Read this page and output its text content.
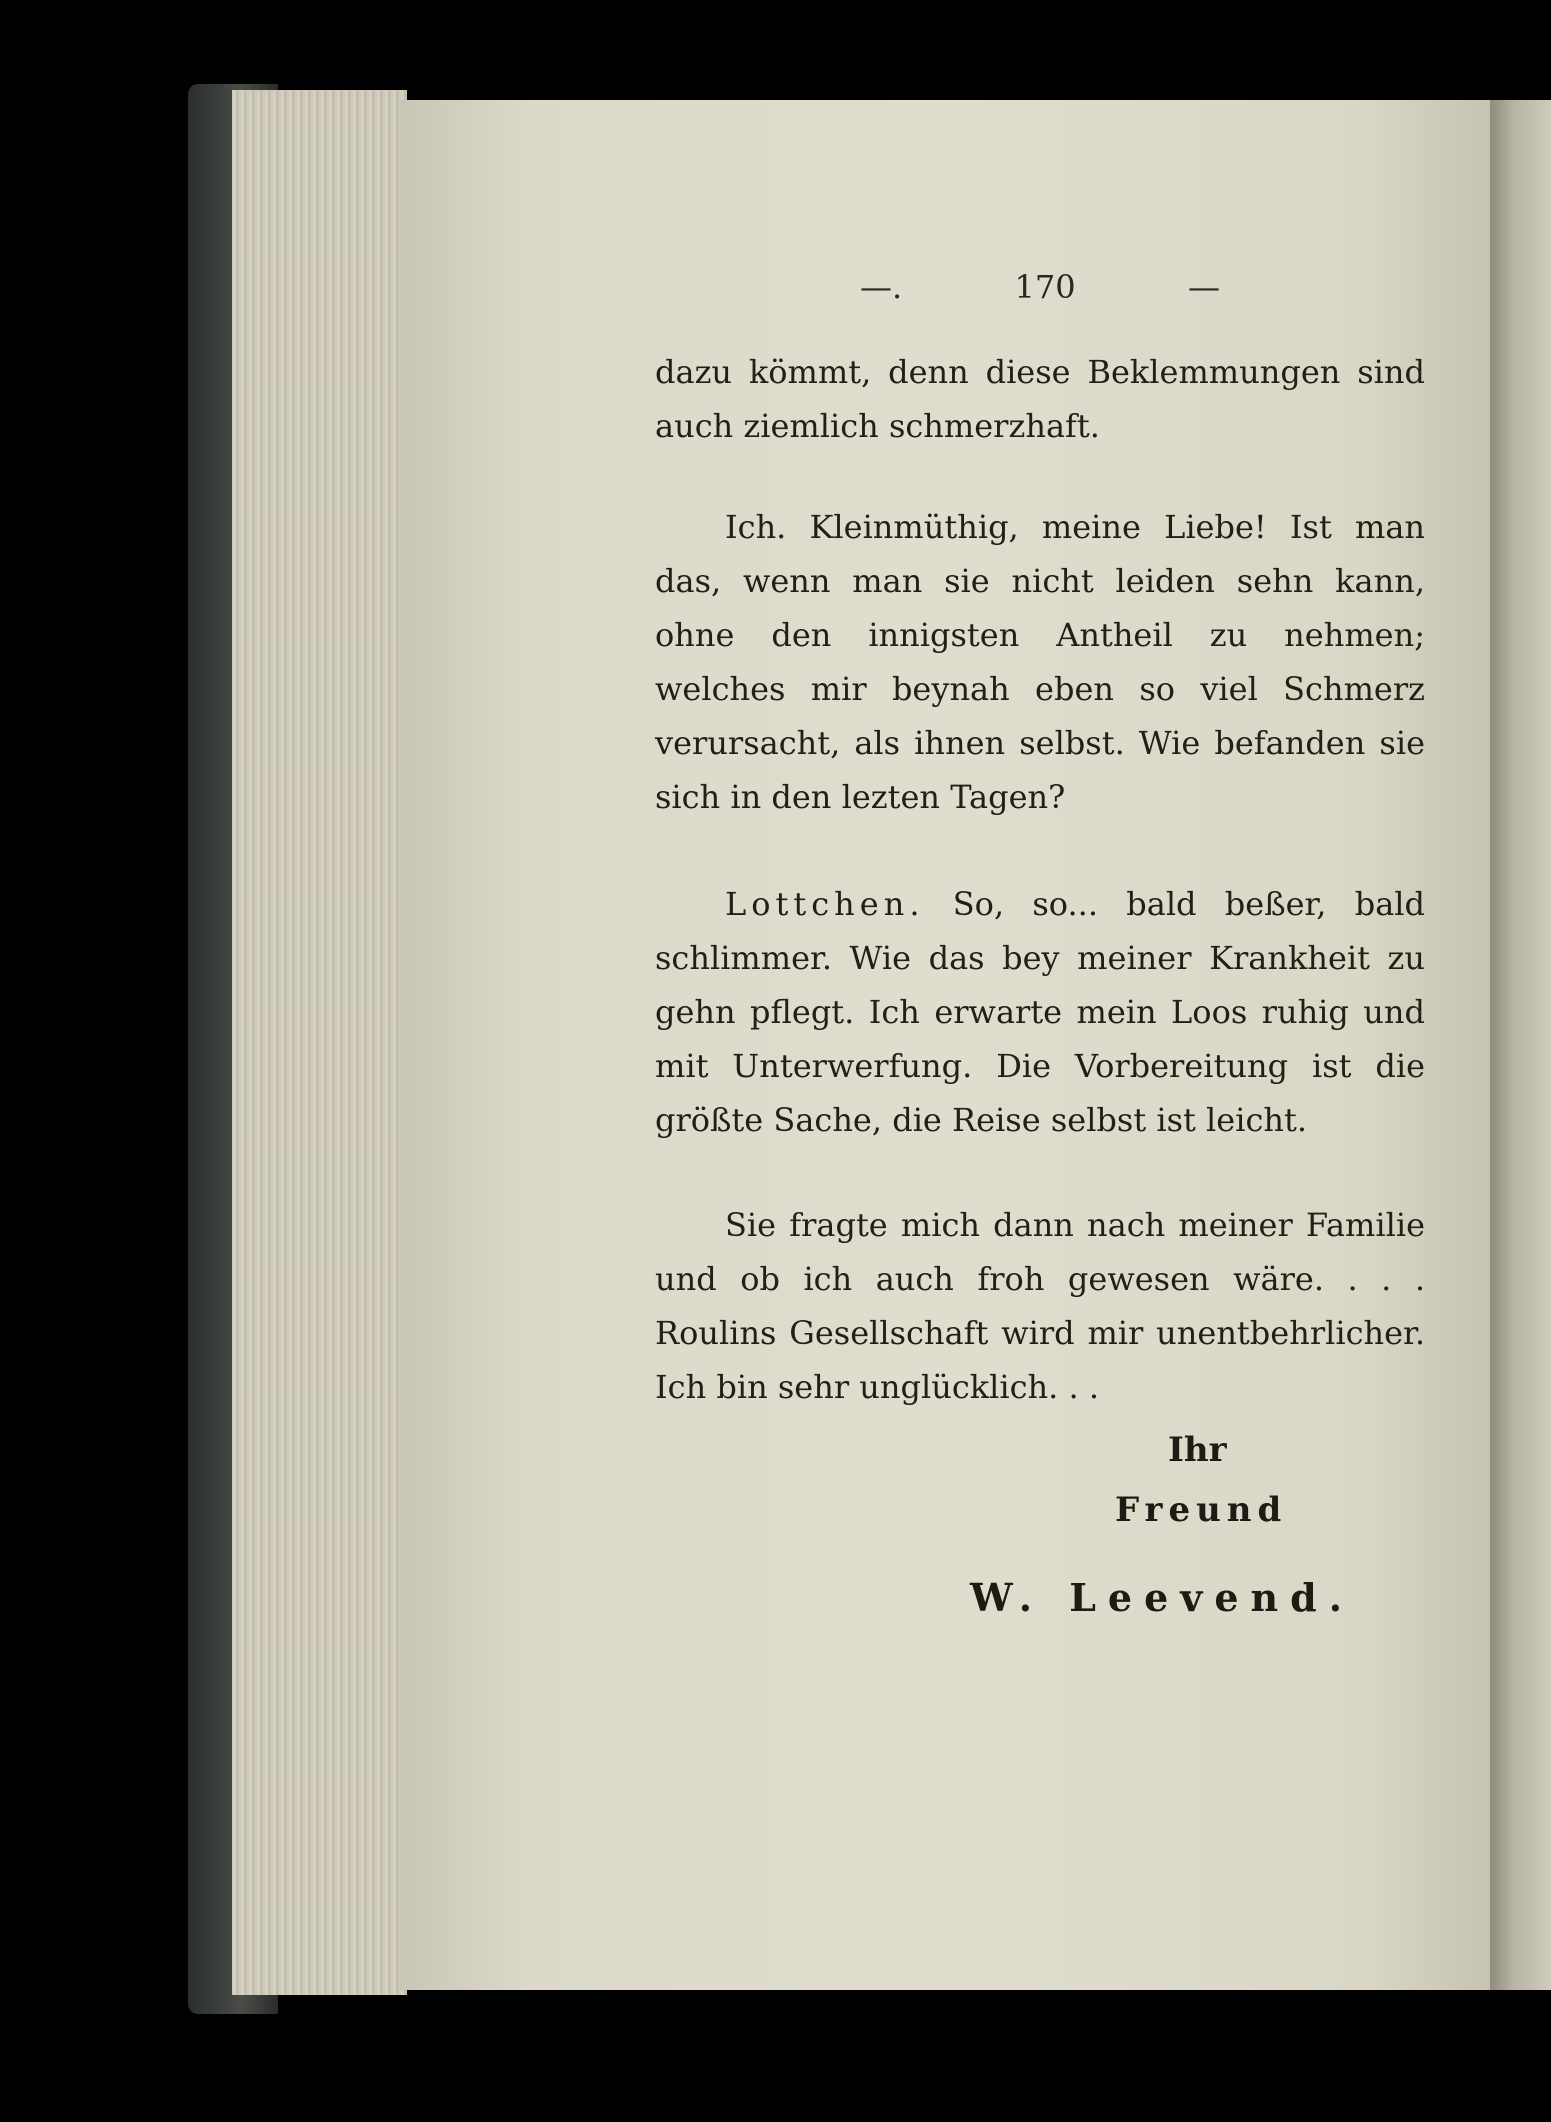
—.	170	—
dazu kömmt, denn diese Beklemmungen sind auch ziemlich schmerzhaft.
Ich. Kleinmüthig, meine Liebe! Ist man das, wenn man sie nicht leiden sehn kann, ohne den innigsten Antheil zu nehmen; welches mir beynah eben so viel Schmerz verursacht, als ihnen selbst. Wie befanden sie sich in den lezten Tagen?
Lottchen. So, so... bald beßer, bald schlimmer. Wie das bey meiner Krankheit zu gehn pflegt. Ich erwarte mein Loos ruhig und mit Unterwerfung. Die Vorbereitung ist die größte Sache, die Reise selbst ist leicht.
Sie fragte mich dann nach meiner Familie und ob ich auch froh gewesen wäre. . . . Roulins Gesellschaft wird mir unentbehrlicher. Ich bin sehr unglücklich. . .
Ihr
Freund
W. Leevend.
